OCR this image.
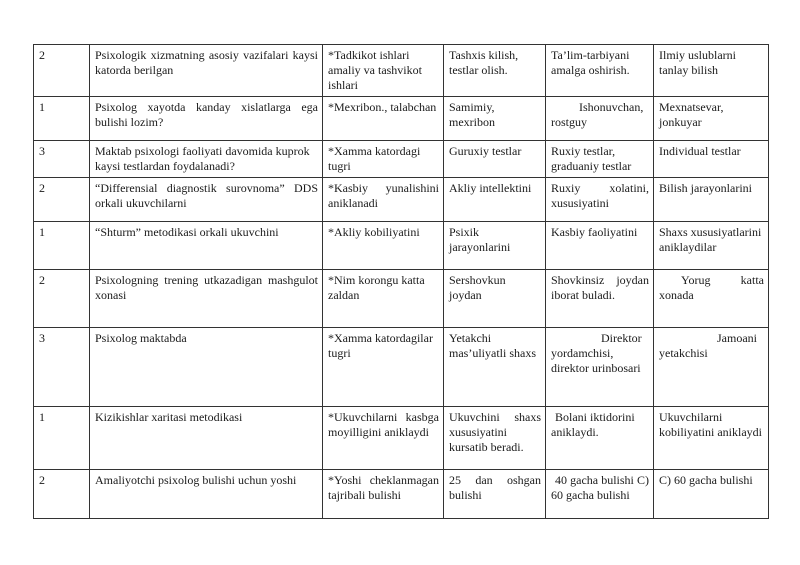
2	Psixologik xizmatning asosiy vazifalari kaysi katorda berilgan	*Tadkikot ishlari amaliy va tashvikot ishlari	Tashxis kilish, testlar olish.	Ta’lim-tarbiyani amalga oshirish.	Ilmiy uslublarni tanlay bilish
1	Psixolog xayotda kanday xislatlarga ega bulishi lozim?	*Mexribon., talabchan	Samimiy, mexribon	Ishonuvchan, rostguy	Mexnatsevar, jonkuyar
3	Maktab psixologi faoliyati davomida kuprok kaysi testlardan foydalanadi?	*Xamma katordagi tugri	Guruxiy testlar	Ruxiy testlar, graduaniy testlar	Individual testlar
2	“Differensial diagnostik surovnoma” DDS orkali ukuvchilarni	*Kasbiy yunalishini aniklanadi	Akliy intellektini	Ruxiy xolatini, xususiyatini	Bilish jarayonlarini
1	“Shturm” metodikasi orkali ukuvchini	*Akliy kobiliyatini	Psixik jarayonlarini	Kasbiy faoliyatini	Shaxs xususiyatlarini aniklaydilar
2	Psixologning trening utkazadigan mashgulot xonasi	*Nim korongu katta zaldan	Sershovkun joydan	Shovkinsiz joydan iborat buladi.	Yorug katta xonada
3	Psixolog maktabda	*Xamma katordagilar tugri	Yetakchi mas’uliyatli shaxs	Direktor yordamchisi, direktor urinbosari	Jamoani yetakchisi
1	Kizikishlar xaritasi metodikasi	*Ukuvchilarni kasbga moyilligini aniklaydi	Ukuvchini shaxs xususiyatini kursatib beradi.	Bolani iktidorini aniklaydi.	Ukuvchilarni kobiliyatini aniklaydi
2	Amaliyotchi psixolog bulishi uchun yoshi	*Yoshi cheklanmagan tajribali bulishi	25 dan oshgan bulishi	40 gacha bulishi C) 60 gacha bulishi	C) 60 gacha bulishi
